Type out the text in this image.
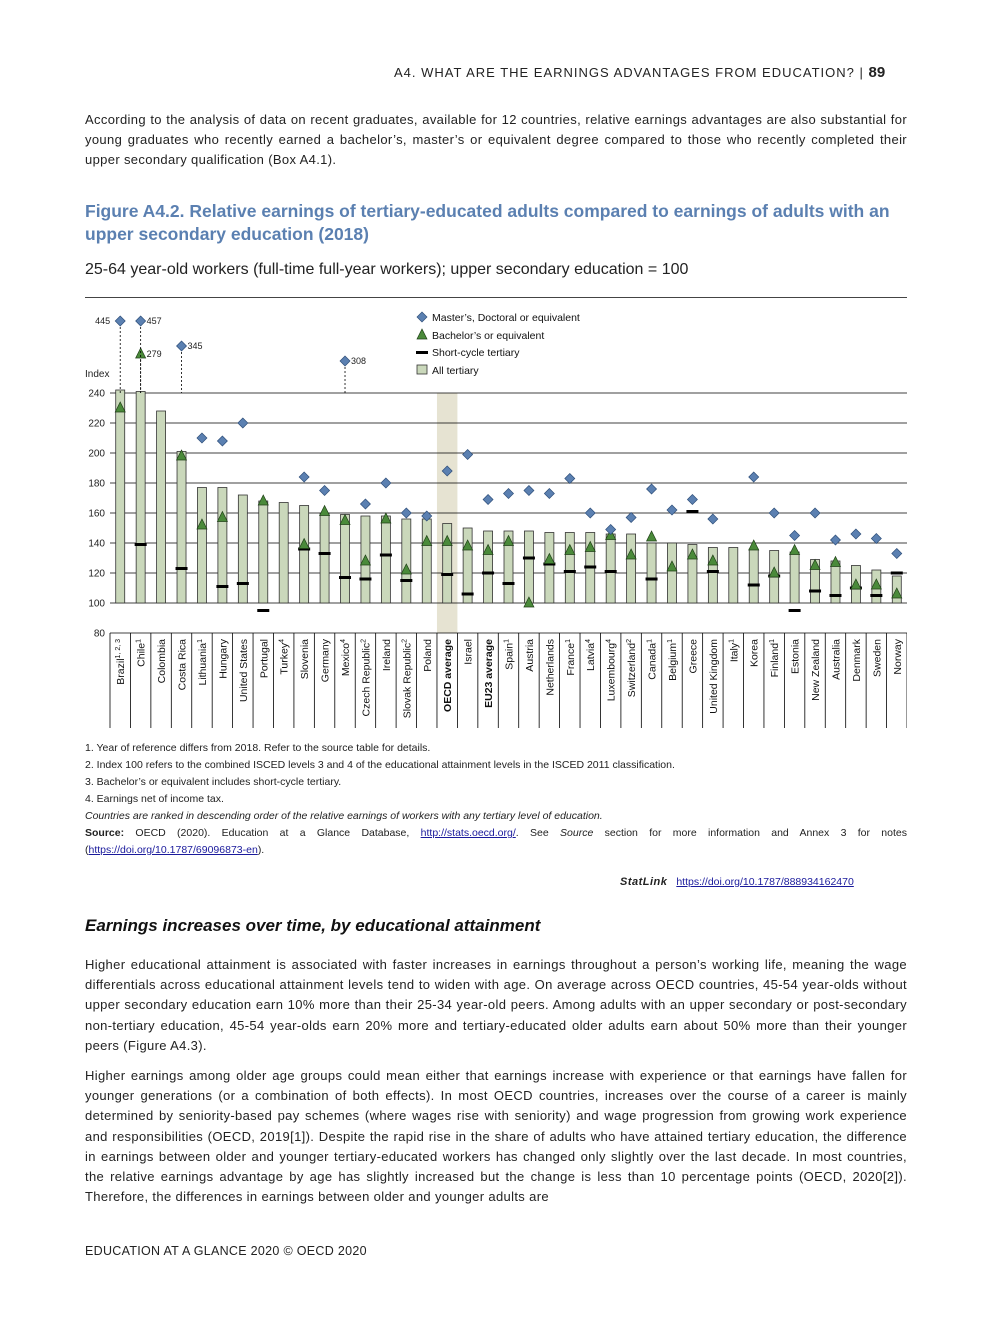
A4. WHAT ARE THE EARNINGS ADVANTAGES FROM EDUCATION? | 89

According to the analysis of data on recent graduates, available for 12 countries, relative earnings advantages are also substantial for young graduates who recently earned a bachelor’s, master’s or equivalent degree compared to those who recently completed their upper secondary qualification (Box A4.1).

Figure A4.2. Relative earnings of tertiary-educated adults compared to earnings of adults with an upper secondary education (2018)
25-64 year-old workers (full-time full-year workers); upper secondary education = 100
80
100
120
140
160
180
200
220
240
Index
445
Brazil$^{1, 2, 3}$
279
457
Chile$^1$	Colombia
345
Costa Rica Lithuania$^1$	Hungary United States Portugal Turkey$^4$	Slovenia Germany
308
Mexico$^4$
Czech Republic$^2$	Ireland Slovak Republic$^2$	Poland OECD average Israel EU23 average Spain$^1$	Austria Netherlands France$^1$
Latvia$^4$
Luxembourg$^4$
Switzerland$^2$
Canada$^1$
Belgium$^1$	Greece United Kingdom Italy$^1$	Korea Finland$^1$	Estonia New Zealand Australia Denmark Sweden Norway
Master’s, Doctoral or equivalent
Bachelor’s or equivalent
Short-cycle tertiary
All tertiary
1. Year of reference differs from 2018. Refer to the source table for details.
2. Index 100 refers to the combined ISCED levels 3 and 4 of the educational attainment levels in the ISCED 2011 classification.
3. Bachelor’s or equivalent includes short-cycle tertiary.
4. Earnings net of income tax.
Countries are ranked in descending order of the relative earnings of workers with any tertiary level of education.
Source: OECD (2020). Education at a Glance Database, http://stats.oecd.org/. See Source section for more information and Annex 3 for notes (https://doi.org/10.1787/69096873-en).
StatLink https://doi.org/10.1787/888934162470
Earnings increases over time, by educational attainment

Higher educational attainment is associated with faster increases in earnings throughout a person’s working life, meaning the wage differentials across educational attainment levels tend to widen with age. On average across OECD countries, 45-54 year-olds without upper secondary education earn 10% more than their 25-34 year-old peers. Among adults with an upper secondary or post-secondary non-tertiary education, 45-54 year-olds earn 20% more and tertiary-educated older adults earn about 50% more than their younger peers (Figure A4.3).

Higher earnings among older age groups could mean either that earnings increase with experience or that earnings have fallen for younger generations (or a combination of both effects). In most OECD countries, increases over the course of a career is mainly determined by seniority-based pay schemes (where wages rise with seniority) and wage progression from growing work experience and responsibilities (OECD, 2019[1]). Despite the rapid rise in the share of adults who have attained tertiary education, the difference in earnings between older and younger tertiary-educated workers has changed only slightly over the last decade. In most countries, the relative earnings advantage by age has slightly increased but the change is less than 10 percentage points (OECD, 2020[2]). Therefore, the differences in earnings between older and younger adults are

EDUCATION AT A GLANCE 2020 © OECD 2020
